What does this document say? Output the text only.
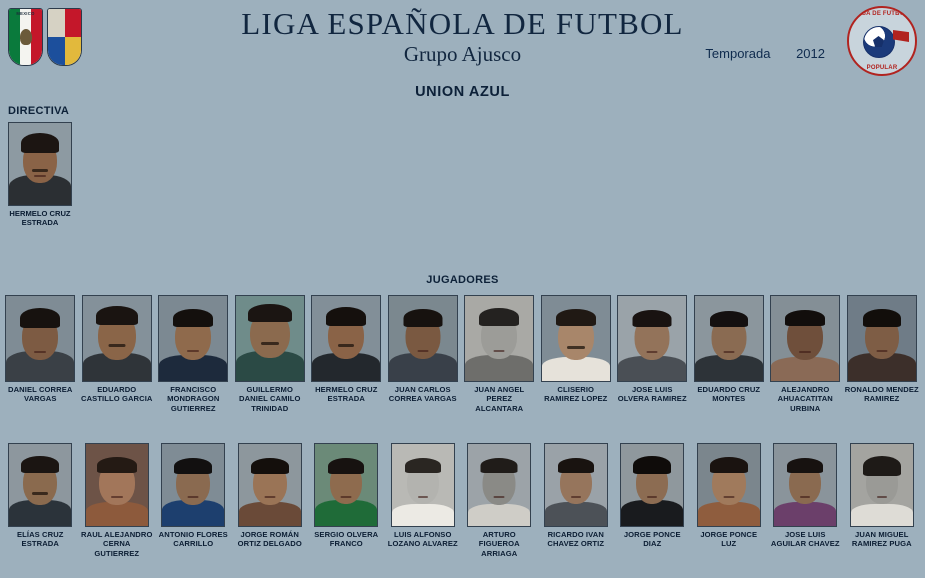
MEXICO	LIGA ESPAÑOLA DE FUTBOL
Grupo Ajusco	Temporada 2012
UNION AZUL
LIGA DE FUTBOL
POPULAR
DIRECTIVA
HERMELO CRUZ ESTRADA
JUGADORES
DANIEL CORREA VARGAS
EDUARDO CASTILLO GARCIA
FRANCISCO MONDRAGON GUTIERREZ
GUILLERMO DANIEL CAMILO TRINIDAD
HERMELO CRUZ ESTRADA
JUAN CARLOS CORREA VARGAS
JUAN ANGEL PEREZ ALCANTARA
CLISERIO RAMIREZ LOPEZ
JOSE LUIS OLVERA RAMIREZ
EDUARDO CRUZ MONTES
ALEJANDRO AHUACATITAN URBINA
RONALDO MENDEZ RAMIREZ
ELÍAS CRUZ ESTRADA
RAUL ALEJANDRO CERNA GUTIERREZ
ANTONIO FLORES CARRILLO
JORGE ROMÁN ORTIZ DELGADO
SERGIO OLVERA FRANCO
LUIS ALFONSO LOZANO ALVAREZ
ARTURO FIGUEROA ARRIAGA
RICARDO IVAN CHAVEZ ORTIZ
JORGE PONCE DIAZ
JORGE PONCE LUZ
JOSE LUIS AGUILAR CHAVEZ
JUAN MIGUEL RAMIREZ PUGA
